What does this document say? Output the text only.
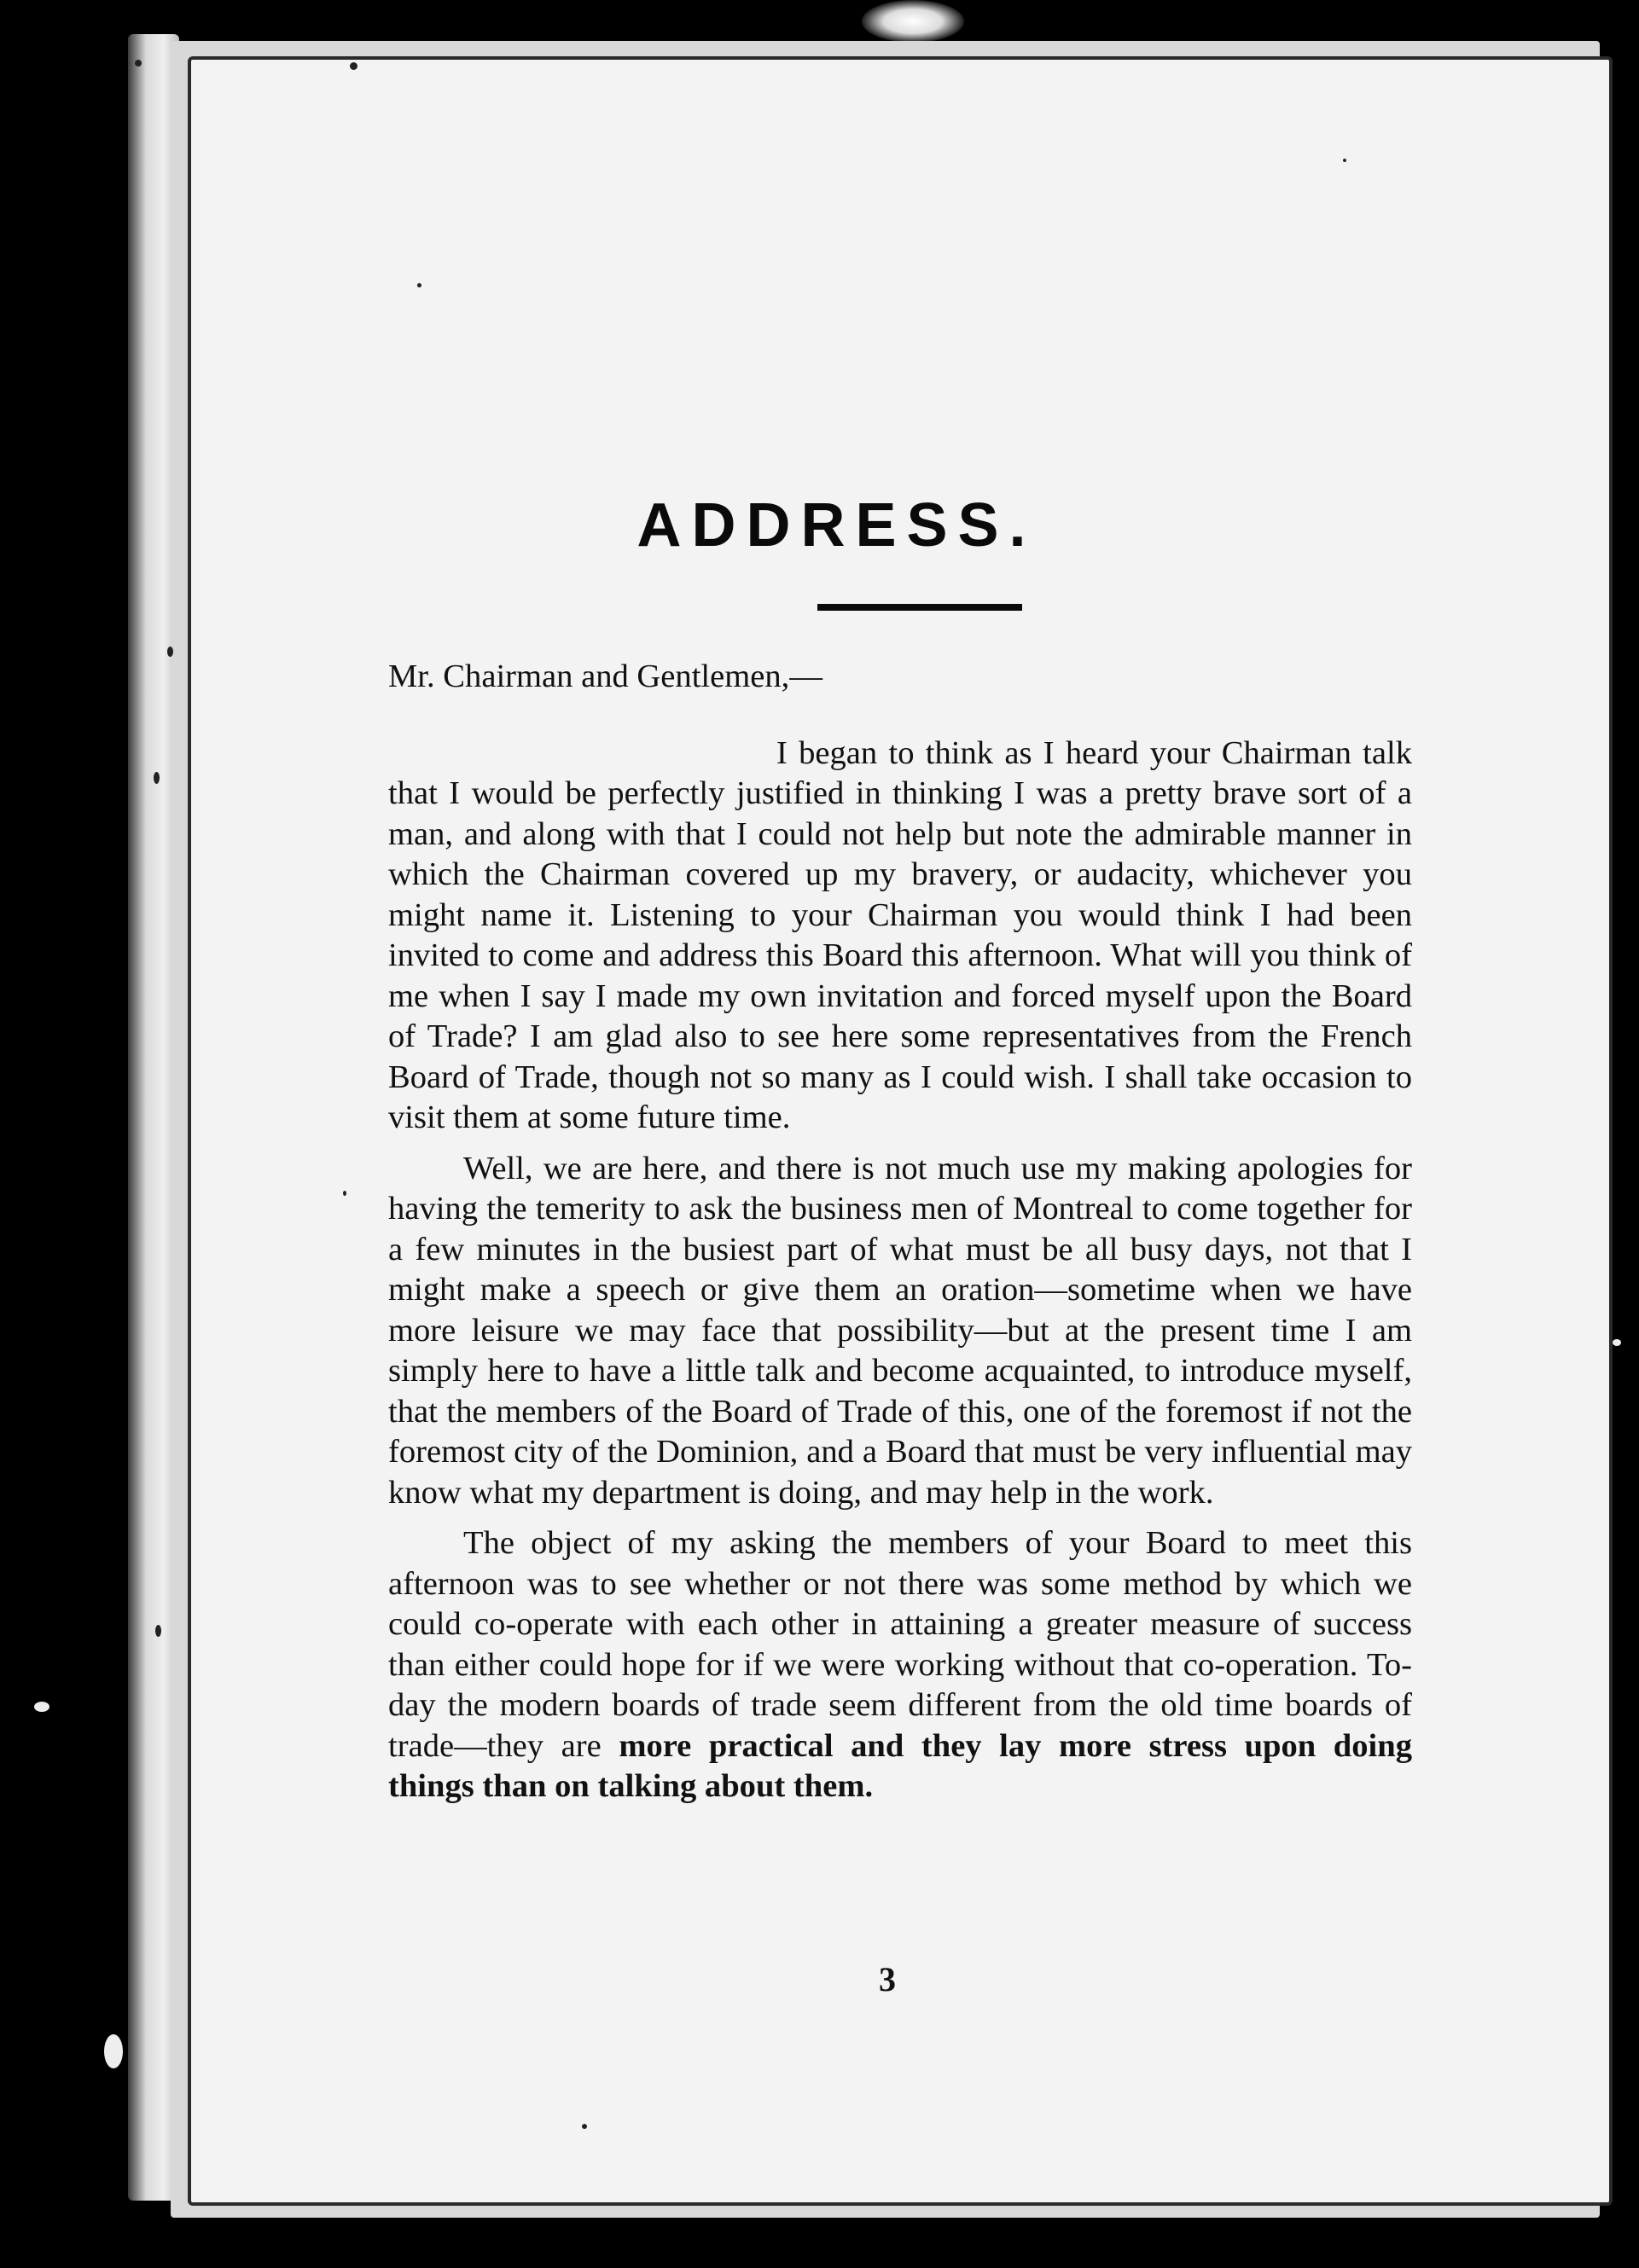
ADDRESS.

Mr. Chairman and Gentlemen,—

I began to think as I heard your Chairman talk that I would be perfectly justified in thinking I was a pretty brave sort of a man, and along with that I could not help but note the admirable manner in which the Chairman covered up my bravery, or audacity, whichever you might name it. Listening to your Chairman you would think I had been invited to come and address this Board this afternoon. What will you think of me when I say I made my own invitation and forced myself upon the Board of Trade? I am glad also to see here some representatives from the French Board of Trade, though not so many as I could wish. I shall take occasion to visit them at some future time.

Well, we are here, and there is not much use my making apologies for having the temerity to ask the business men of Montreal to come together for a few minutes in the busiest part of what must be all busy days, not that I might make a speech or give them an oration—sometime when we have more leisure we may face that possibility—but at the present time I am simply here to have a little talk and become acquainted, to introduce myself, that the members of the Board of Trade of this, one of the foremost if not the foremost city of the Dominion, and a Board that must be very influential may know what my department is doing, and may help in the work.

The object of my asking the members of your Board to meet this afternoon was to see whether or not there was some method by which we could co-operate with each other in attaining a greater measure of success than either could hope for if we were working without that co-operation. To-day the modern boards of trade seem different from the old time boards of trade—they are more practical and they lay more stress upon doing things than on talking about them.

3
